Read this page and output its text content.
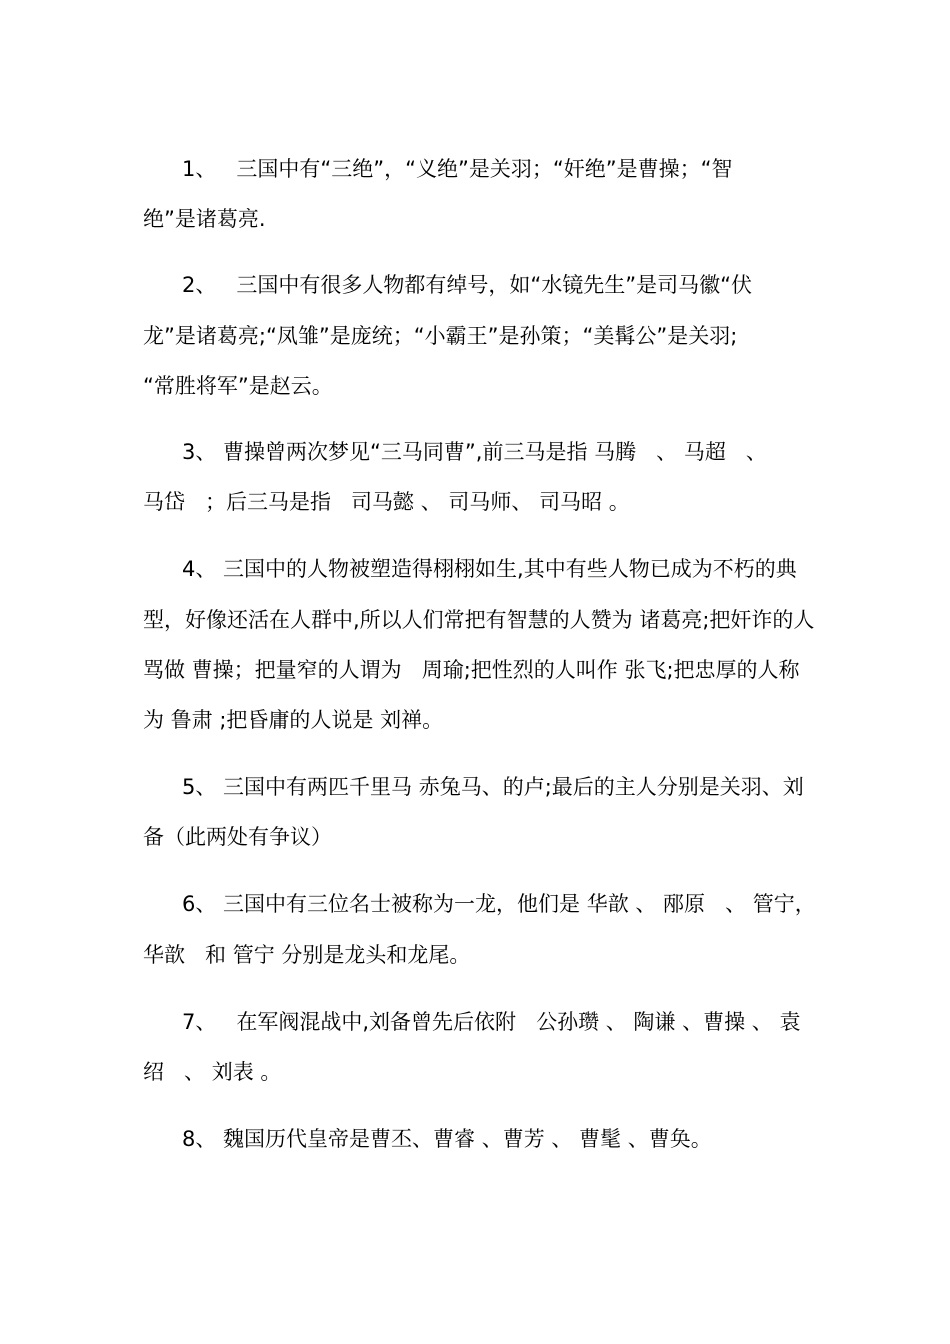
1、   三国中有“三绝”，“义绝”是关羽；“奸绝”是曹操；“智
绝”是诸葛亮.
2、   三国中有很多人物都有绰号，如“水镜先生”是司马徽“伏
龙”是诸葛亮;“凤雏”是庞统；“小霸王”是孙策；“美髯公”是关羽;
“常胜将军”是赵云。
3、 曹操曾两次梦见“三马同曹”,前三马是指 马腾   、 马超   、
马岱   ；后三马是指   司马懿 、 司马师、 司马昭 。
4、 三国中的人物被塑造得栩栩如生,其中有些人物已成为不朽的典
型，好像还活在人群中,所以人们常把有智慧的人赞为 诸葛亮;把奸诈的人
骂做 曹操；把量窄的人谓为   周瑜;把性烈的人叫作 张飞;把忠厚的人称
为 鲁肃 ;把昏庸的人说是 刘禅。
5、 三国中有两匹千里马 赤兔马、的卢;最后的主人分别是关羽、刘
备（此两处有争议）
6、 三国中有三位名士被称为一龙，他们是 华歆 、 邴原   、 管宁，
华歆   和 管宁 分别是龙头和龙尾。
7、   在军阀混战中,刘备曾先后依附   公孙瓒 、 陶谦 、曹操 、 袁
绍   、 刘表 。
8、 魏国历代皇帝是曹丕、曹睿 、曹芳 、 曹髦 、曹奂。
